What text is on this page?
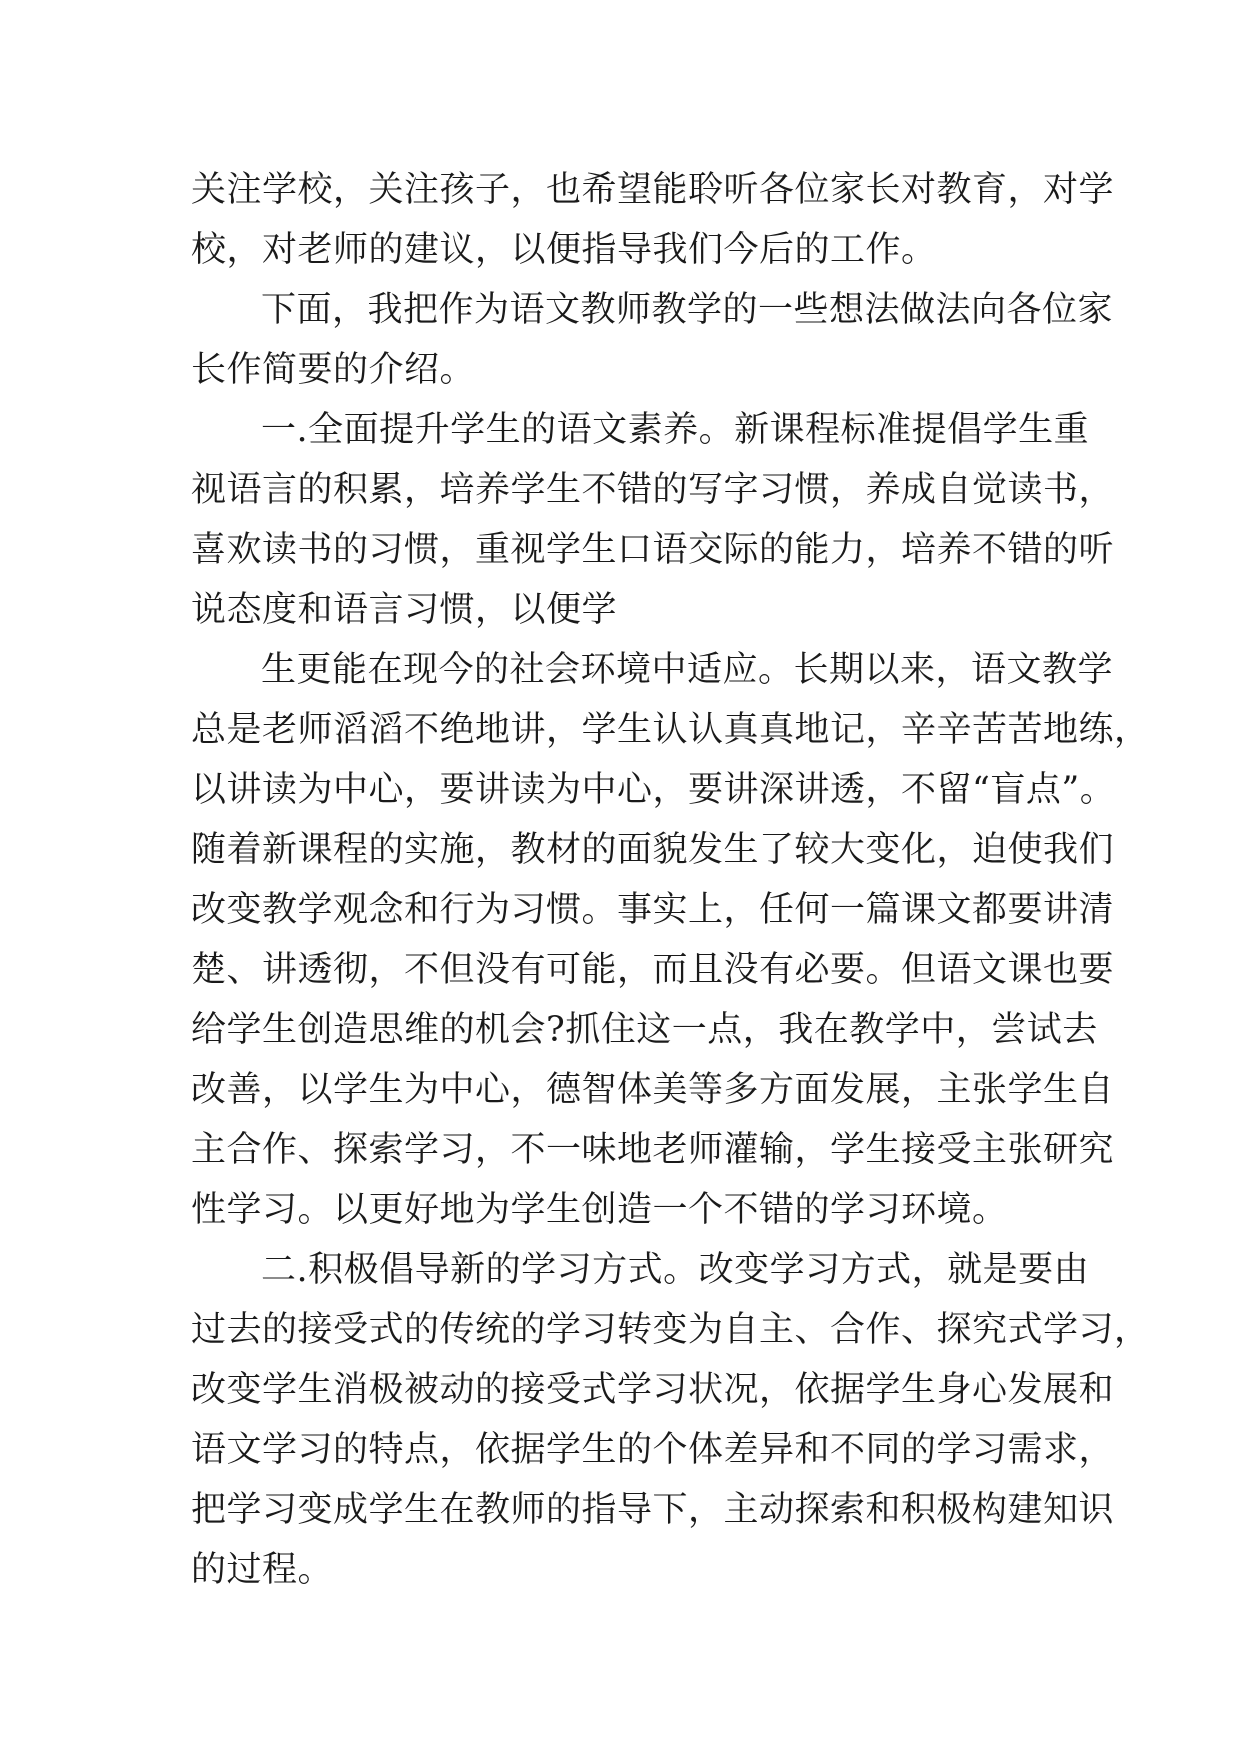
关注学校，关注孩子，也希望能聆听各位家长对教育，对学
校，对老师的建议，以便指导我们今后的工作。
下面，我把作为语文教师教学的一些想法做法向各位家
长作简要的介绍。
一.全面提升学生的语文素养。新课程标准提倡学生重
视语言的积累，培养学生不错的写字习惯，养成自觉读书，
喜欢读书的习惯，重视学生口语交际的能力，培养不错的听
说态度和语言习惯，以便学
生更能在现今的社会环境中适应。长期以来，语文教学
总是老师滔滔不绝地讲，学生认认真真地记，辛辛苦苦地练，
以讲读为中心，要讲读为中心，要讲深讲透，不留“盲点”。
随着新课程的实施，教材的面貌发生了较大变化，迫使我们
改变教学观念和行为习惯。事实上，任何一篇课文都要讲清
楚、讲透彻，不但没有可能，而且没有必要。但语文课也要
给学生创造思维的机会?抓住这一点，我在教学中，尝试去
改善，以学生为中心，德智体美等多方面发展，主张学生自
主合作、探索学习，不一味地老师灌输，学生接受主张研究
性学习。以更好地为学生创造一个不错的学习环境。
二.积极倡导新的学习方式。改变学习方式，就是要由
过去的接受式的传统的学习转变为自主、合作、探究式学习，
改变学生消极被动的接受式学习状况，依据学生身心发展和
语文学习的特点，依据学生的个体差异和不同的学习需求，
把学习变成学生在教师的指导下，主动探索和积极构建知识
的过程。
